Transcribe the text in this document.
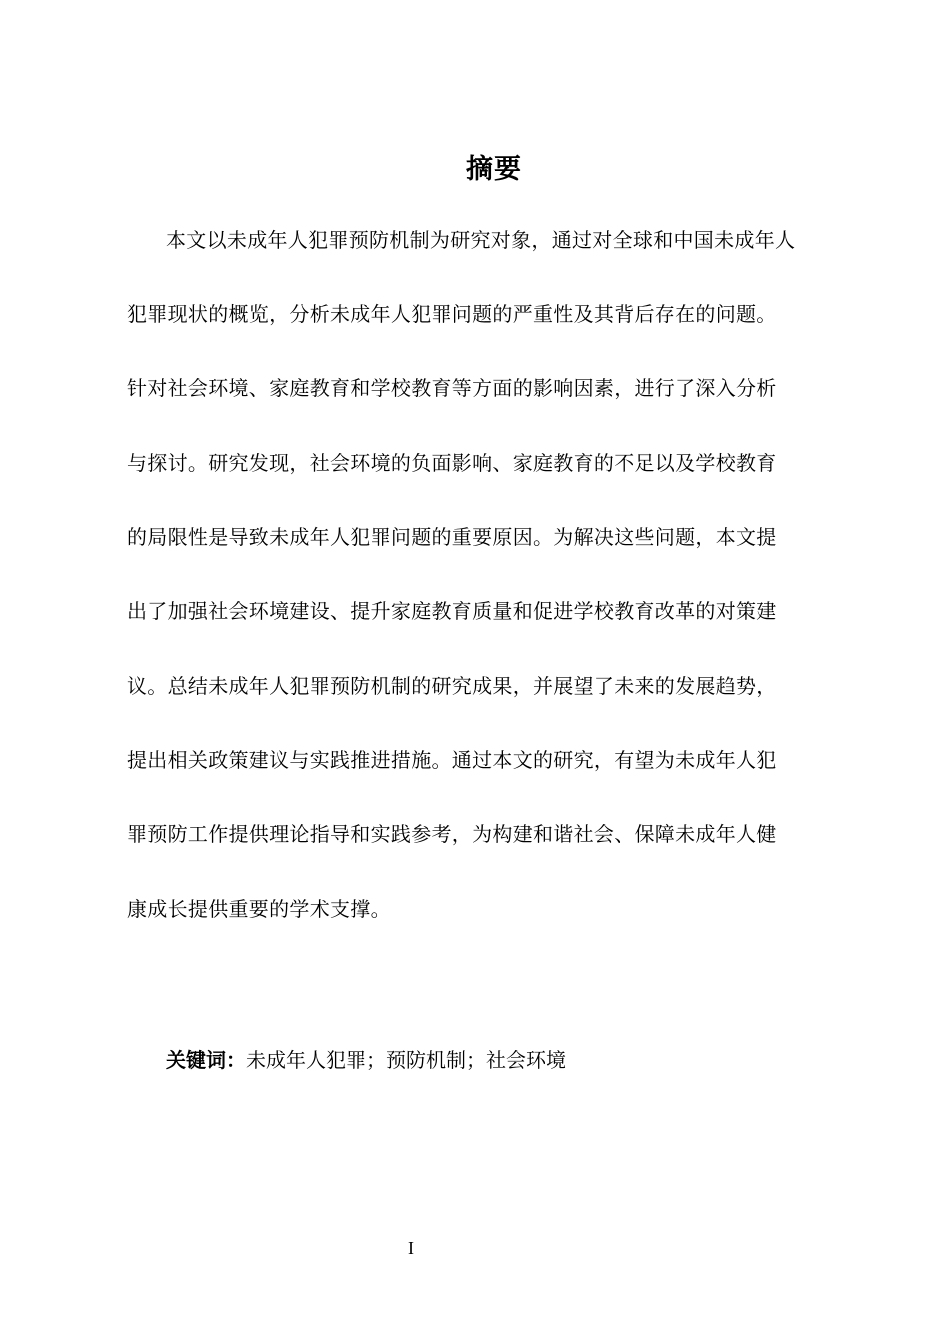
摘要
本文以未成年人犯罪预防机制为研究对象，通过对全球和中国未成年人
犯罪现状的概览，分析未成年人犯罪问题的严重性及其背后存在的问题。
针对社会环境、家庭教育和学校教育等方面的影响因素，进行了深入分析
与探讨。研究发现，社会环境的负面影响、家庭教育的不足以及学校教育
的局限性是导致未成年人犯罪问题的重要原因。为解决这些问题，本文提
出了加强社会环境建设、提升家庭教育质量和促进学校教育改革的对策建
议。总结未成年人犯罪预防机制的研究成果，并展望了未来的发展趋势，
提出相关政策建议与实践推进措施。通过本文的研究，有望为未成年人犯
罪预防工作提供理论指导和实践参考，为构建和谐社会、保障未成年人健
康成长提供重要的学术支撑。
关键词：未成年人犯罪；预防机制；社会环境
I
